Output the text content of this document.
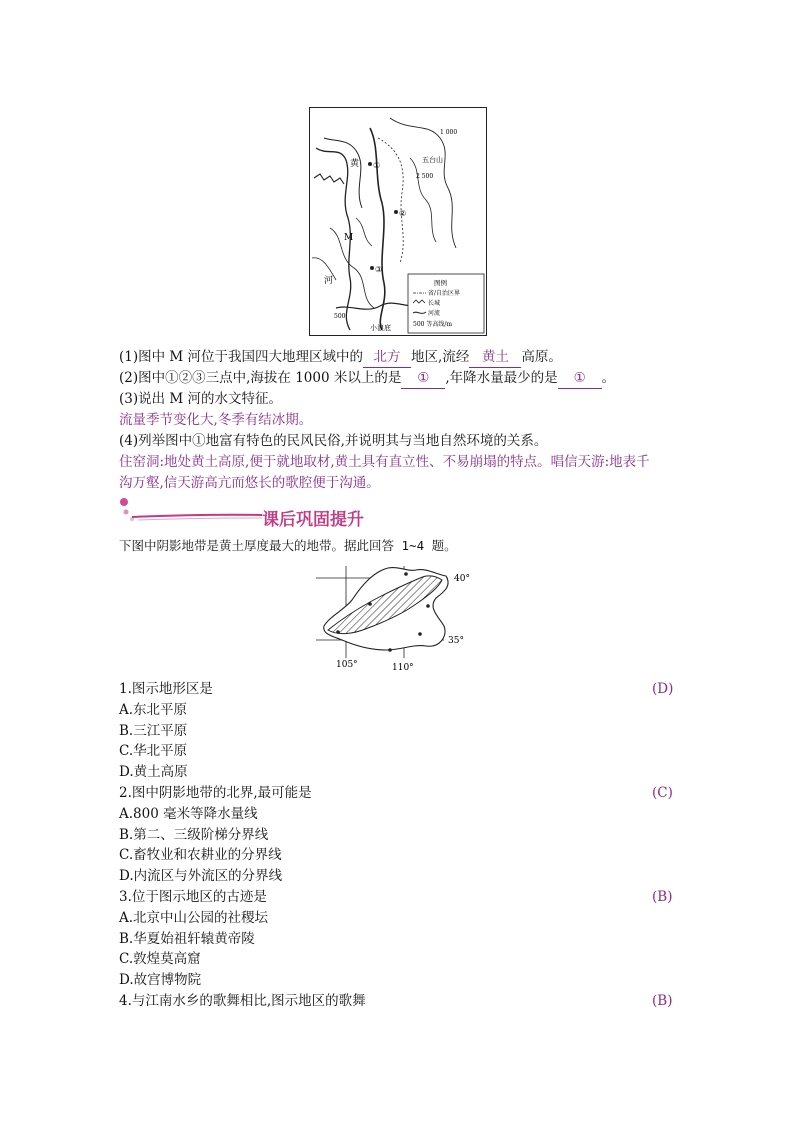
黄
河
五台山
小浪底
M
①
②
③
2 500
1 000
500
图例
省/自治区界
长城
河流
500 等高线/m
(1)图中 M 河位于我国四大地理区域中的 北方 地区,流经 黄土 高原。
(2)图中①②③三点中,海拔在 1000 米以上的是 ① ,年降水量最少的是 ① 。
(3)说出 M 河的水文特征。
流量季节变化大,冬季有结冰期。
(4)列举图中①地富有特色的民风民俗,并说明其与当地自然环境的关系。
住窑洞:地处黄土高原,便于就地取材,黄土具有直立性、不易崩塌的特点。唱信天游:地表千
沟万壑,信天游高亢而悠长的歌腔便于沟通。
课后巩固提升
下图中阴影地带是黄土厚度最大的地带。据此回答 1~4 题。
40°
35°
105°	110°
1.图示地形区是	(D)
A.东北平原
B.三江平原
C.华北平原
D.黄土高原
2.图中阴影地带的北界,最可能是	(C)
A.800 毫米等降水量线
B.第二、三级阶梯分界线
C.畜牧业和农耕业的分界线
D.内流区与外流区的分界线
3.位于图示地区的古迹是	(B)
A.北京中山公园的社稷坛
B.华夏始祖轩辕黄帝陵
C.敦煌莫高窟
D.故宫博物院
4.与江南水乡的歌舞相比,图示地区的歌舞	(B)
